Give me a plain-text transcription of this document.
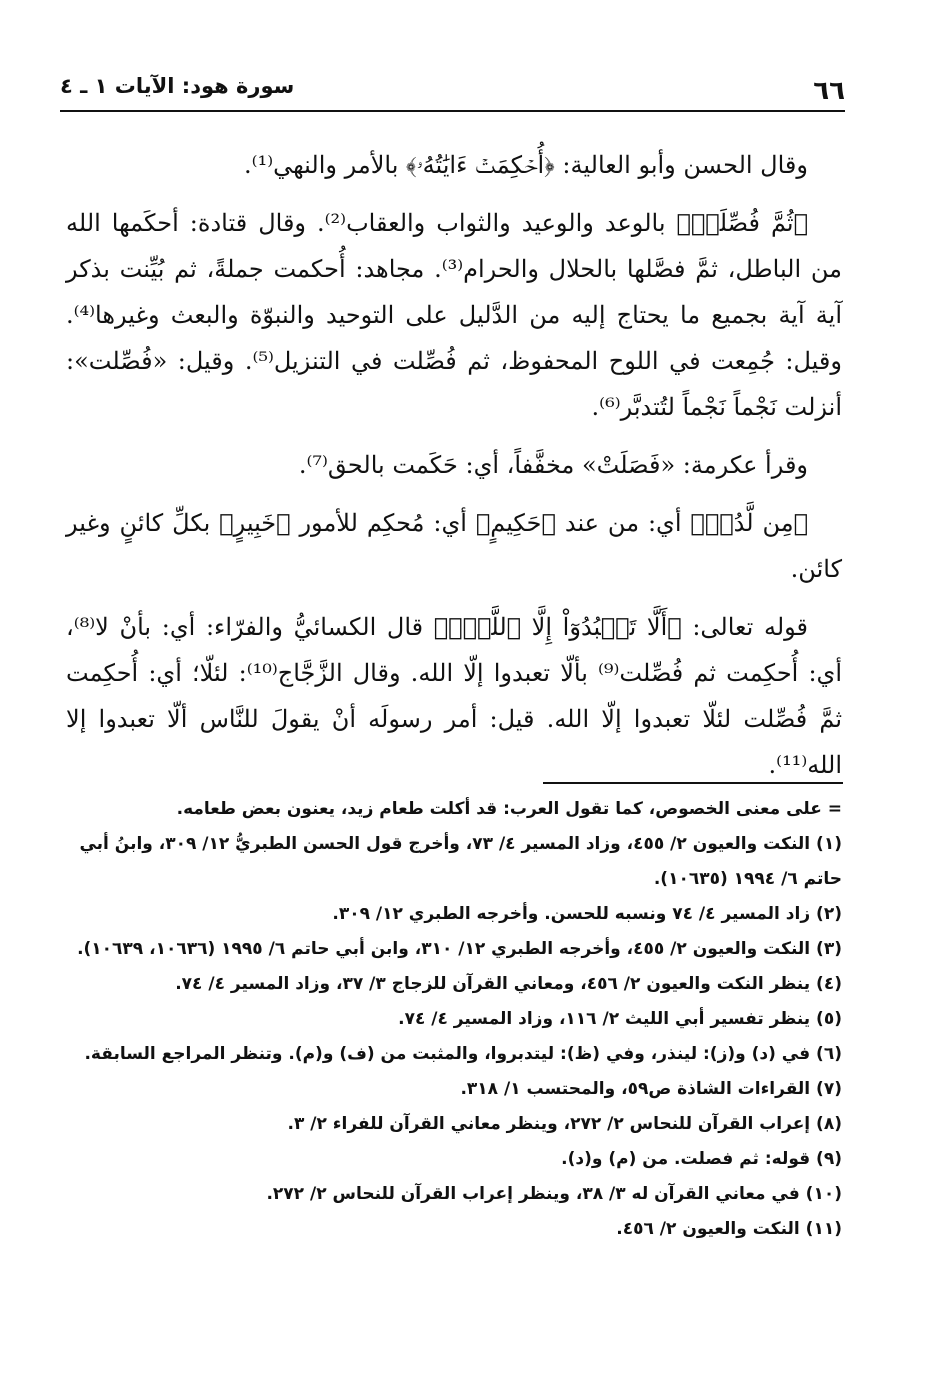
٦٦
سورة هود: الآيات ١ ـ ٤

وقال الحسن وأبو العالية: ﴿أُحۡكِمَتۡ ءَايَٰتُهُۥ﴾ بالأمر والنهي⁽¹⁾.

﴿ثُمَّ فُصِّلَتۡ﴾ بالوعد والوعيد والثواب والعقاب⁽²⁾. وقال قتادة: أحكَمها الله من الباطل، ثمَّ فصَّلها بالحلال والحرام⁽³⁾. مجاهد: أُحكمت جملةً، ثم بُيِّنت بذكر آية آية بجميع ما يحتاج إليه من الدَّليل على التوحيد والنبوّة والبعث وغيرها⁽⁴⁾. وقيل: جُمِعت في اللوح المحفوظ، ثم فُصِّلت في التنزيل⁽⁵⁾. وقيل: «فُصِّلت»: أنزلت نَجْماً نَجْماً لتُتدبَّر⁽⁶⁾.

وقرأ عكرمة: «فَصَلَتْ» مخفَّفاً، أي: حَكَمت بالحق⁽⁷⁾.

﴿مِن لَّدُنۡ﴾ أي: من عند ﴿حَكِيمٍ﴾ أي: مُحكِم للأمور ﴿خَبِيرٍ﴾ بكلِّ كائنٍ وغير كائن.

قوله تعالى: ﴿أَلَّا تَعۡبُدُوٓاْ إِلَّا ٱللَّهَۚ﴾ قال الكسائيُّ والفرّاء: أي: بأنْ لا⁽⁸⁾، أي: أُحكِمت ثم فُصِّلت⁽⁹⁾ بألّا تعبدوا إلّا الله. وقال الزَّجَّاج⁽¹⁰⁾: لئلّا؛ أي: أُحكِمت ثمَّ فُصِّلت لئلّا تعبدوا إلّا الله. قيل: أمر رسولَه أنْ يقولَ للنَّاس ألّا تعبدوا إلا الله⁽¹¹⁾.

= على معنى الخصوص، كما تقول العرب: قد أكلت طعام زيد، يعنون بعض طعامه.

(١) النكت والعيون ٢/ ٤٥٥، وزاد المسير ٤/ ٧٣، وأخرج قول الحسن الطبريُّ ١٢/ ٣٠٩، وابنُ أبي حاتم ٦/ ١٩٩٤ (١٠٦٣٥).

(٢) زاد المسير ٤/ ٧٤ ونسبه للحسن. وأخرجه الطبري ١٢/ ٣٠٩.

(٣) النكت والعيون ٢/ ٤٥٥، وأخرجه الطبري ١٢/ ٣١٠، وابن أبي حاتم ٦/ ١٩٩٥ (١٠٦٣٦، ١٠٦٣٩).

(٤) ينظر النكت والعيون ٢/ ٤٥٦، ومعاني القرآن للزجاج ٣/ ٣٧، وزاد المسير ٤/ ٧٤.

(٥) ينظر تفسير أبي الليث ٢/ ١١٦، وزاد المسير ٤/ ٧٤.

(٦) في (د) و(ز): لينذر، وفي (ظ): ليتدبروا، والمثبت من (ف) و(م). وتنظر المراجع السابقة.

(٧) القراءات الشاذة ص٥٩، والمحتسب ١/ ٣١٨.

(٨) إعراب القرآن للنحاس ٢/ ٢٧٢، وينظر معاني القرآن للفراء ٢/ ٣.

(٩) قوله: ثم فصلت. من (م) و(د).

(١٠) في معاني القرآن له ٣/ ٣٨، وينظر إعراب القرآن للنحاس ٢/ ٢٧٢.

(١١) النكت والعيون ٢/ ٤٥٦.
